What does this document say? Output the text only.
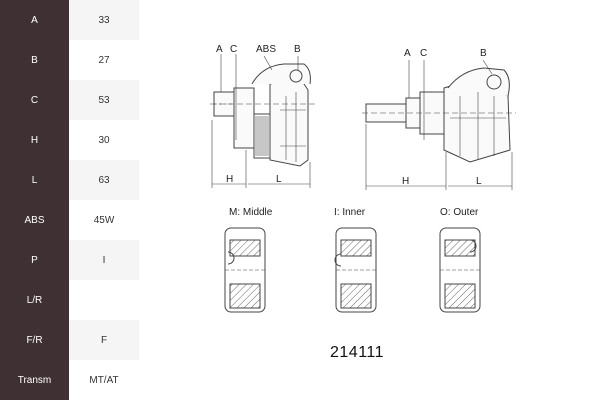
A	33
B	27
C	53
H	30
L	63
ABS	45W
P	I
L/R
F/R	F
Transm	MT/AT
A C ABS B
H	L
A C	B
H	L
M: Middle	I: Inner	O: Outer
214111
